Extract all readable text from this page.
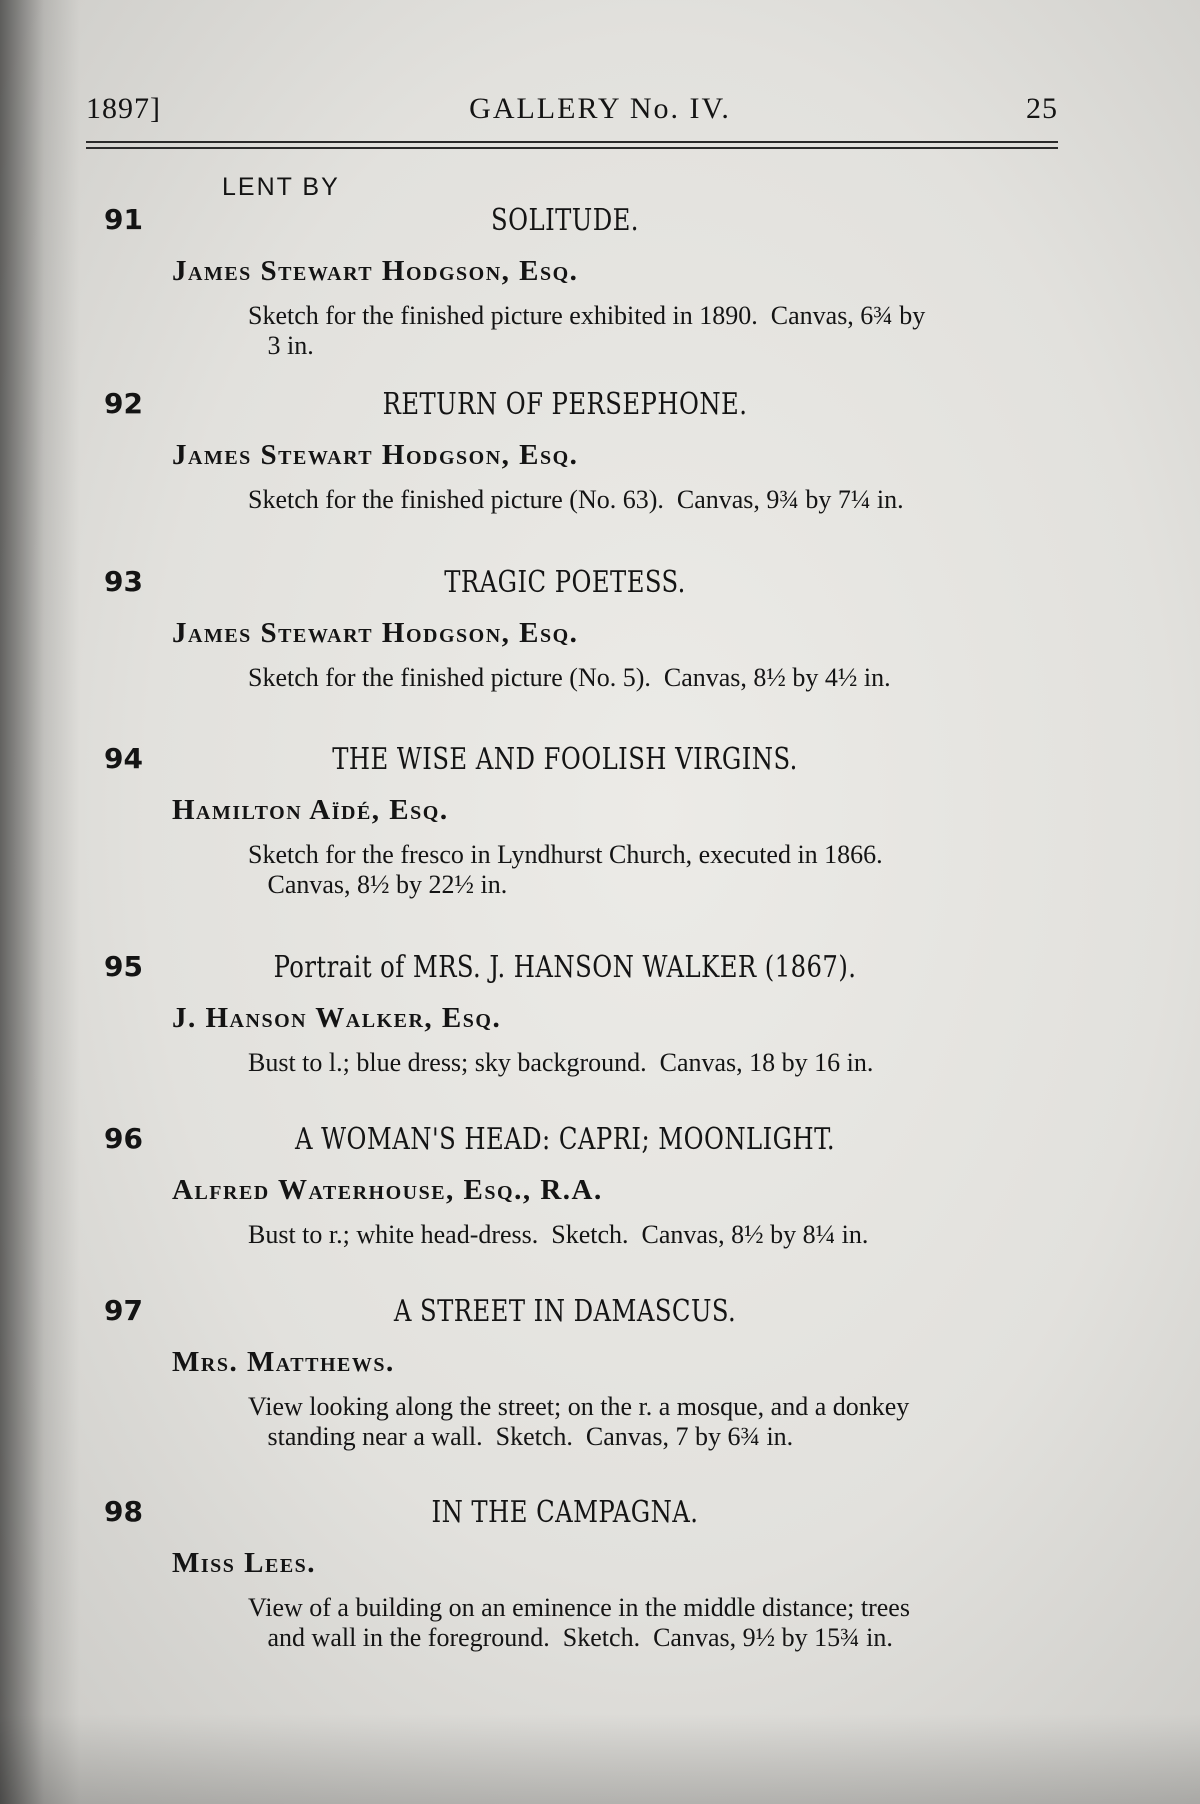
1897]	GALLERY No. IV.	25
LENT BY
91	SOLITUDE.
James Stewart Hodgson, Esq.
Sketch for the finished picture exhibited in 1890.  Canvas, 6¾ by
3 in.
92	RETURN OF PERSEPHONE.
James Stewart Hodgson, Esq.
Sketch for the finished picture (No. 63).  Canvas, 9¾ by 7¼ in.
93	TRAGIC POETESS.
James Stewart Hodgson, Esq.
Sketch for the finished picture (No. 5).  Canvas, 8½ by 4½ in.
94	THE WISE AND FOOLISH VIRGINS.
Hamilton Aïdé, Esq.
Sketch for the fresco in Lyndhurst Church, executed in 1866.
Canvas, 8½ by 22½ in.
95	Portrait of MRS. J. HANSON WALKER (1867).
J. Hanson Walker, Esq.
Bust to l.; blue dress; sky background.  Canvas, 18 by 16 in.
96	A WOMAN'S HEAD: CAPRI; MOONLIGHT.
Alfred Waterhouse, Esq., R.A.
Bust to r.; white head-dress.  Sketch.  Canvas, 8½ by 8¼ in.
97	A STREET IN DAMASCUS.
Mrs. Matthews.
View looking along the street; on the r. a mosque, and a donkey
standing near a wall.  Sketch.  Canvas, 7 by 6¾ in.
98	IN THE CAMPAGNA.
Miss Lees.
View of a building on an eminence in the middle distance; trees
and wall in the foreground.  Sketch.  Canvas, 9½ by 15¾ in.
